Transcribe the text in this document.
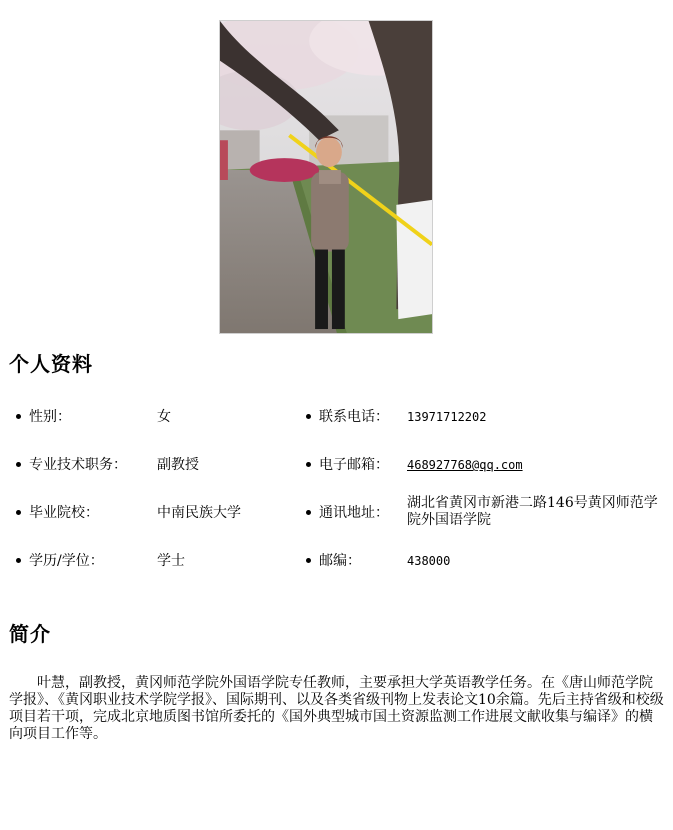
个人资料
性别：	女	联系电话： 13971712202
专业技术职务： 副教授	电子邮箱： 468927768@qq.com
毕业院校：	中南民族大学	通讯地址：
湖北省黄冈市新港二路146号黄冈师范学院外国语学院
学历/学位：	学士	邮编：	438000
简介

叶慧，副教授，黄冈师范学院外国语学院专任教师，主要承担大学英语教学任务。在《唐山师范学院学报》、《黄冈职业技术学院学报》、国际期刊、以及各类省级刊物上发表论文10余篇。先后主持省级和校级项目若干项，完成北京地质图书馆所委托的《国外典型城市国土资源监测工作进展文献收集与编译》的横向项目工作等。
